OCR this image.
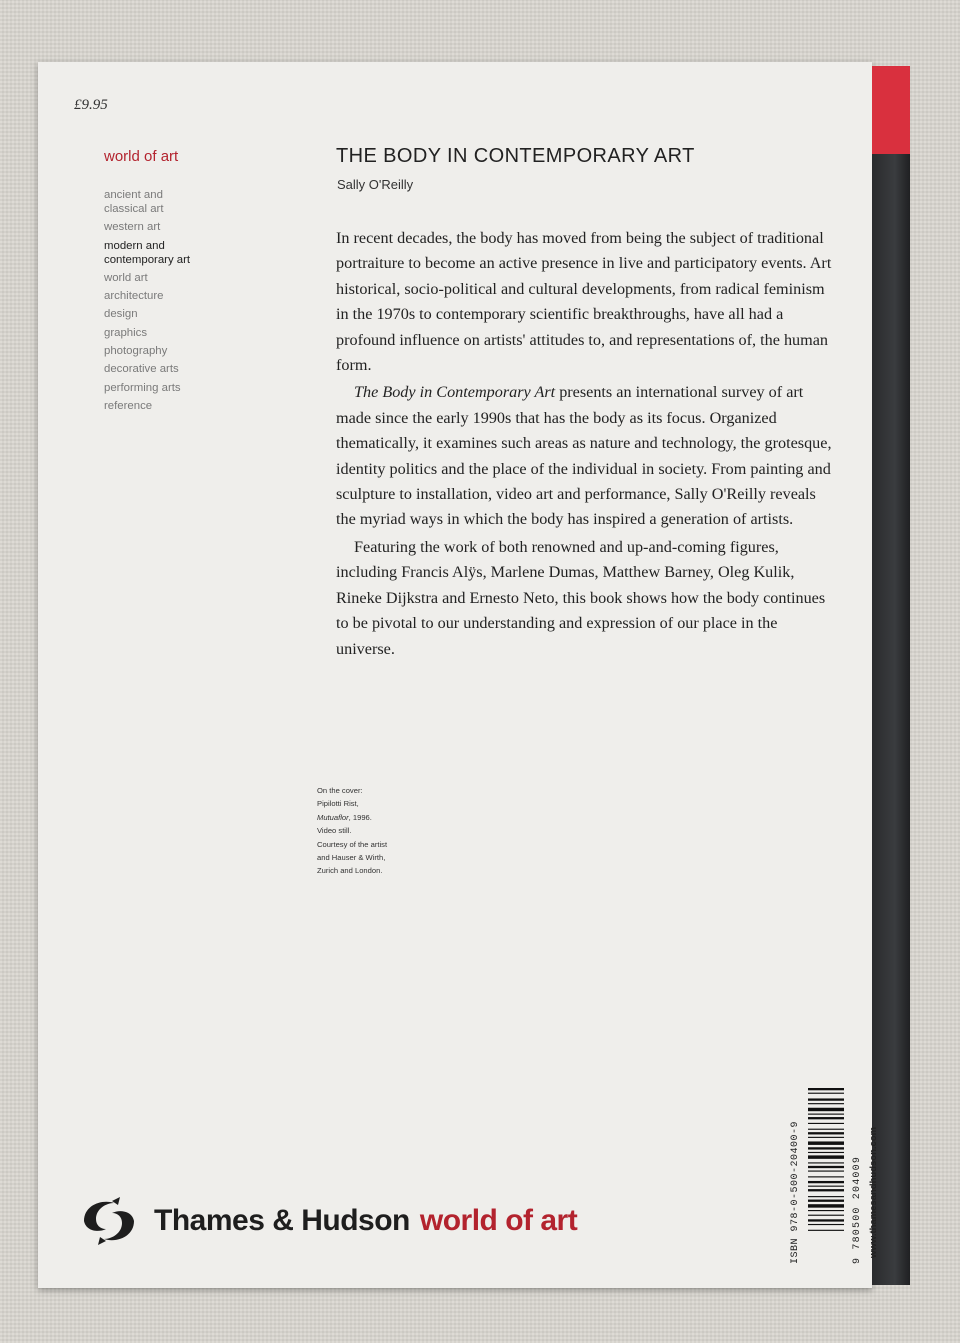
£9.95
world of art
ancient and
classical art
western art
modern and
contemporary art
world art
architecture
design
graphics
photography
decorative arts
performing arts
reference
THE BODY IN CONTEMPORARY ART
Sally O'Reilly

In recent decades, the body has moved from being the subject of traditional portraiture to become an active presence in live and participatory events. Art historical, socio-political and cultural developments, from radical feminism in the 1970s to contemporary scientific breakthroughs, have all had a profound influence on artists' attitudes to, and representations of, the human form.

The Body in Contemporary Art presents an international survey of art made since the early 1990s that has the body as its focus. Organized thematically, it examines such areas as nature and technology, the grotesque, identity politics and the place of the individual in society. From painting and sculpture to installation, video art and performance, Sally O'Reilly reveals the myriad ways in which the body has inspired a generation of artists.

Featuring the work of both renowned and up-and-coming figures, including Francis Alÿs, Marlene Dumas, Matthew Barney, Oleg Kulik, Rineke Dijkstra and Ernesto Neto, this book shows how the body continues to be pivotal to our understanding and expression of our place in the universe.

On the cover:
Pipilotti Rist,
Mutuaflor, 1996.
Video still.
Courtesy of the artist
and Hauser & Wirth,
Zurich and London.
Thames & Hudson world of art	ISBN 978-0-500-20400-9	9 780500 204009 www.thamesandhudson.com
